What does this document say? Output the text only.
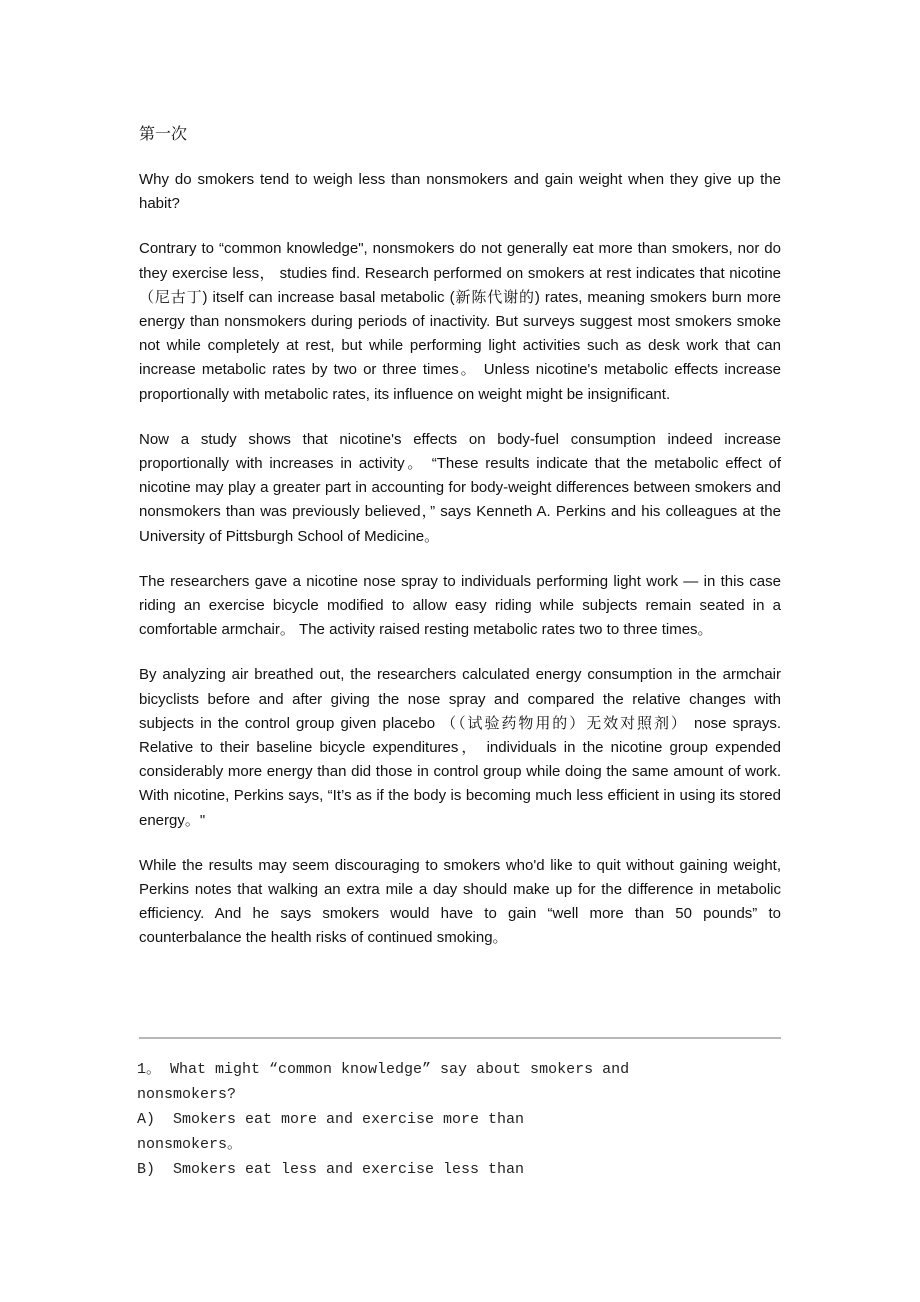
第一次

Why do smokers tend to weigh less than nonsmokers and gain weight when they give up the habit?

Contrary to “common knowledge", nonsmokers do not generally eat more than smokers, nor do they exercise less， studies find. Research performed on smokers at rest indicates that nicotine （尼古丁) itself can increase basal metabolic (新陈代谢的) rates, meaning smokers burn more energy than nonsmokers during periods of inactivity. But surveys suggest most smokers smoke not while completely at rest, but while performing light activities such as desk work that can increase metabolic rates by two or three times。 Unless nicotine's metabolic effects increase proportionally with metabolic rates, its influence on weight might be insignificant.

Now a study shows that nicotine's effects on body-fuel consumption indeed increase proportionally with increases in activity。 “These results indicate that the metabolic effect of nicotine may play a greater part in accounting for body-weight differences between smokers and nonsmokers than was previously believed，” says Kenneth A. Perkins and his colleagues at the University of Pittsburgh School of Medicine。

The researchers gave a nicotine nose spray to individuals performing light work — in this case riding an exercise bicycle modified to allow easy riding while subjects remain seated in a comfortable armchair。 The activity raised resting metabolic rates two to three times。

By analyzing air breathed out, the researchers calculated energy consumption in the armchair bicyclists before and after giving the nose spray and compared the relative changes with subjects in the control group given placebo （（试验药物用的）无效对照剂） nose sprays. Relative to their baseline bicycle expenditures， individuals in the nicotine group expended considerably more energy than did those in control group while doing the same amount of work. With nicotine, Perkins says, “It’s as if the body is becoming much less efficient in using its stored energy。"

While the results may seem discouraging to smokers who'd like to quit without gaining weight, Perkins notes that walking an extra mile a day should make up for the difference in metabolic efficiency. And he says smokers would have to gain “well more than 50 pounds” to counterbalance the health risks of continued smoking。

1。 What might “common knowledge” say about smokers and
nonsmokers?
A)  Smokers eat more and exercise more than
nonsmokers。
B)  Smokers eat less and exercise less than
